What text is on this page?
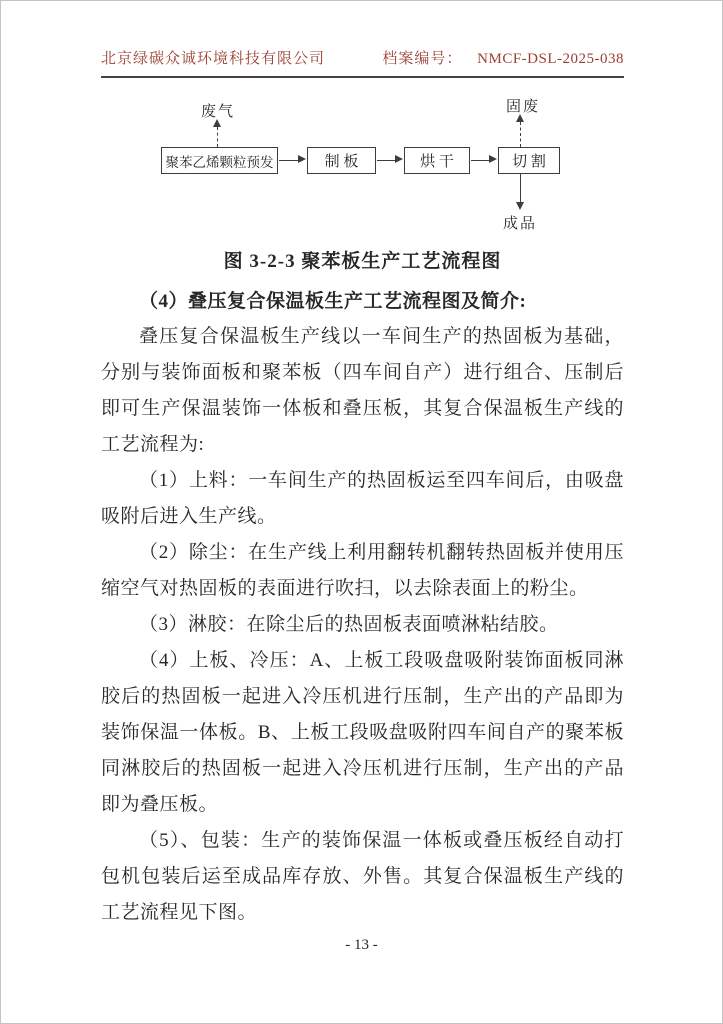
北京绿碳众诚环境科技有限公司	档案编号： NMCF-DSL-2025-038
废气
聚苯乙烯颗粒预发	制 板	烘 干	切 割
固废
成品

图 3-2-3 聚苯板生产工艺流程图

（4）叠压复合保温板生产工艺流程图及简介:

叠压复合保温板生产线以一车间生产的热固板为基础，分别与装饰面板和聚苯板（四车间自产）进行组合、压制后即可生产保温装饰一体板和叠压板，其复合保温板生产线的工艺流程为:

（1）上料：一车间生产的热固板运至四车间后，由吸盘吸附后进入生产线。

（2）除尘：在生产线上利用翻转机翻转热固板并使用压缩空气对热固板的表面进行吹扫，以去除表面上的粉尘。

（3）淋胶：在除尘后的热固板表面喷淋粘结胶。

（4）上板、冷压：A、上板工段吸盘吸附装饰面板同淋胶后的热固板一起进入冷压机进行压制，生产出的产品即为装饰保温一体板。B、上板工段吸盘吸附四车间自产的聚苯板同淋胶后的热固板一起进入冷压机进行压制，生产出的产品即为叠压板。

（5）、包装：生产的装饰保温一体板或叠压板经自动打包机包装后运至成品库存放、外售。其复合保温板生产线的工艺流程见下图。

- 13 -
